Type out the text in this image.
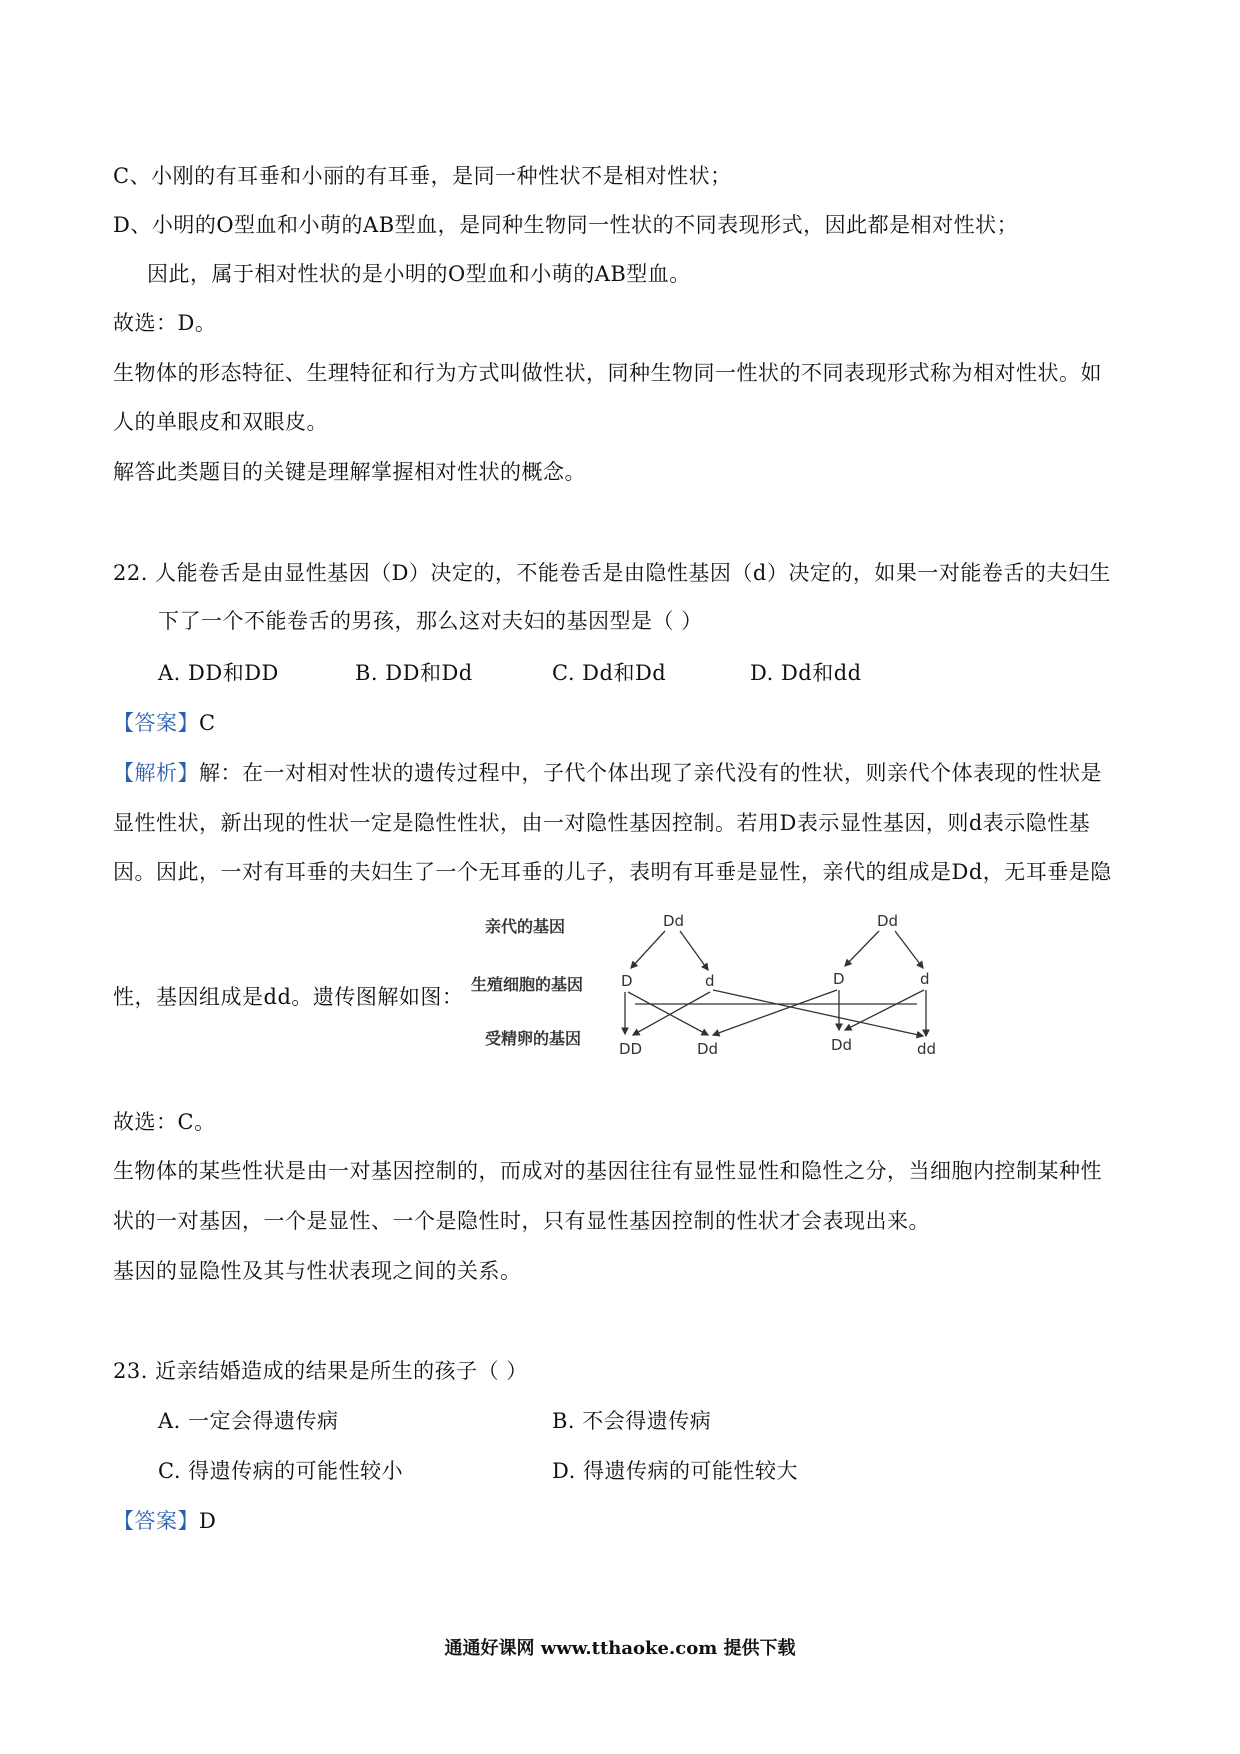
C、小刚的有耳垂和小丽的有耳垂，是同一种性状不是相对性状；
D、小明的O型血和小萌的AB型血，是同种生物同一性状的不同表现形式，因此都是相对性状；
因此，属于相对性状的是小明的O型血和小萌的AB型血。
故选：D。
生物体的形态特征、生理特征和行为方式叫做性状，同种生物同一性状的不同表现形式称为相对性状。如
人的单眼皮和双眼皮。
解答此类题目的关键是理解掌握相对性状的概念。
22. 人能卷舌是由显性基因（D）决定的，不能卷舌是由隐性基因（d）决定的，如果一对能卷舌的夫妇生
下了一个不能卷舌的男孩，那么这对夫妇的基因型是（ ）
A. DD和DD	B. DD和Dd	C. Dd和Dd	D. Dd和dd
【答案】C
【解析】解：在一对相对性状的遗传过程中，子代个体出现了亲代没有的性状，则亲代个体表现的性状是
显性性状，新出现的性状一定是隐性性状，由一对隐性基因控制。若用D表示显性基因，则d表示隐性基
因。因此，一对有耳垂的夫妇生了一个无耳垂的儿子，表明有耳垂是显性，亲代的组成是Dd，无耳垂是隐
性，基因组成是dd。遗传图解如图：
亲代的基因
生殖细胞的基因
受精卵的基因
Dd	Dd
D	d	D	d
DD	Dd	Dd	dd
故选：C。
生物体的某些性状是由一对基因控制的，而成对的基因往往有显性显性和隐性之分，当细胞内控制某种性
状的一对基因，一个是显性、一个是隐性时，只有显性基因控制的性状才会表现出来。
基因的显隐性及其与性状表现之间的关系。
23. 近亲结婚造成的结果是所生的孩子（ ）
A. 一定会得遗传病	B. 不会得遗传病
C. 得遗传病的可能性较小	D. 得遗传病的可能性较大
【答案】D
通通好课网 www.tthaoke.com 提供下载
